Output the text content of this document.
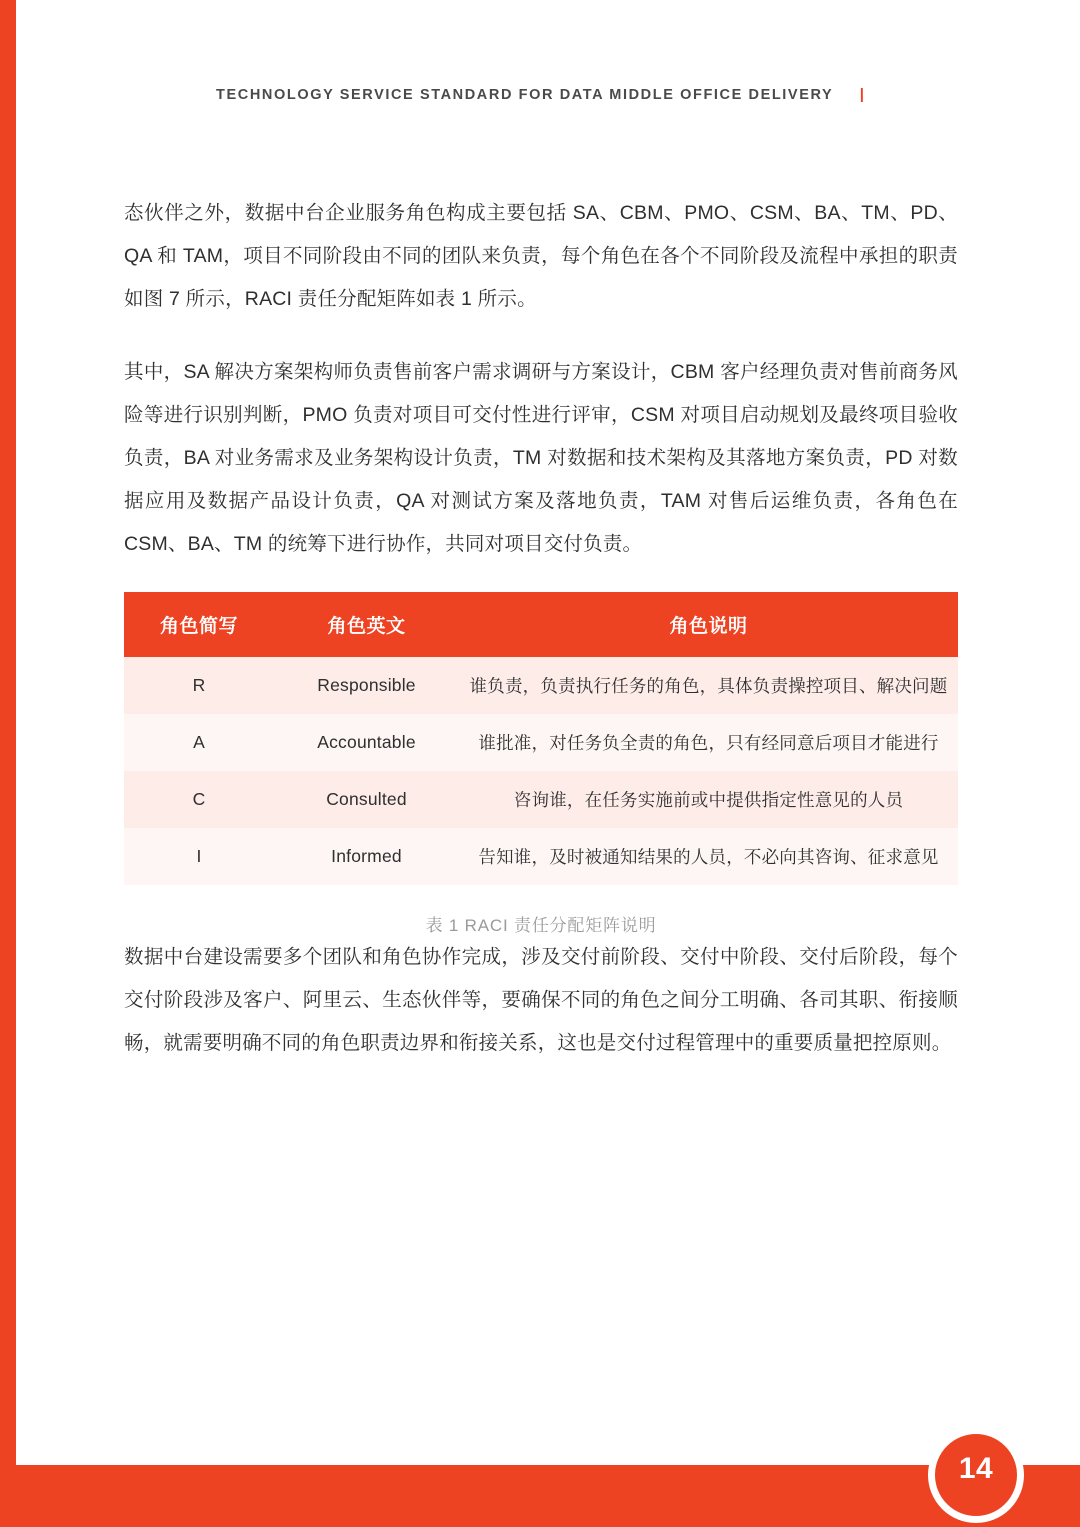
TECHNOLOGY SERVICE STANDARD FOR DATA MIDDLE OFFICE DELIVERY |

态伙伴之外，数据中台企业服务角色构成主要包括 SA、CBM、PMO、CSM、BA、TM、PD、QA 和 TAM，项目不同阶段由不同的团队来负责，每个角色在各个不同阶段及流程中承担的职责如图 7 所示，RACI 责任分配矩阵如表 1 所示。

其中，SA 解决方案架构师负责售前客户需求调研与方案设计，CBM 客户经理负责对售前商务风险等进行识别判断，PMO 负责对项目可交付性进行评审，CSM 对项目启动规划及最终项目验收负责，BA 对业务需求及业务架构设计负责，TM 对数据和技术架构及其落地方案负责，PD 对数据应用及数据产品设计负责，QA 对测试方案及落地负责，TAM 对售后运维负责，各角色在 CSM、BA、TM 的统筹下进行协作，共同对项目交付负责。

角色简写	角色英文	角色说明
R	Responsible	谁负责，负责执行任务的角色，具体负责操控项目、解决问题
A	Accountable	谁批准，对任务负全责的角色，只有经同意后项目才能进行
C	Consulted	咨询谁，在任务实施前或中提供指定性意见的人员
I	Informed	告知谁，及时被通知结果的人员，不必向其咨询、征求意见
表 1 RACI 责任分配矩阵说明

数据中台建设需要多个团队和角色协作完成，涉及交付前阶段、交付中阶段、交付后阶段，每个交付阶段涉及客户、阿里云、生态伙伴等，要确保不同的角色之间分工明确、各司其职、衔接顺畅，就需要明确不同的角色职责边界和衔接关系，这也是交付过程管理中的重要质量把控原则。

14
